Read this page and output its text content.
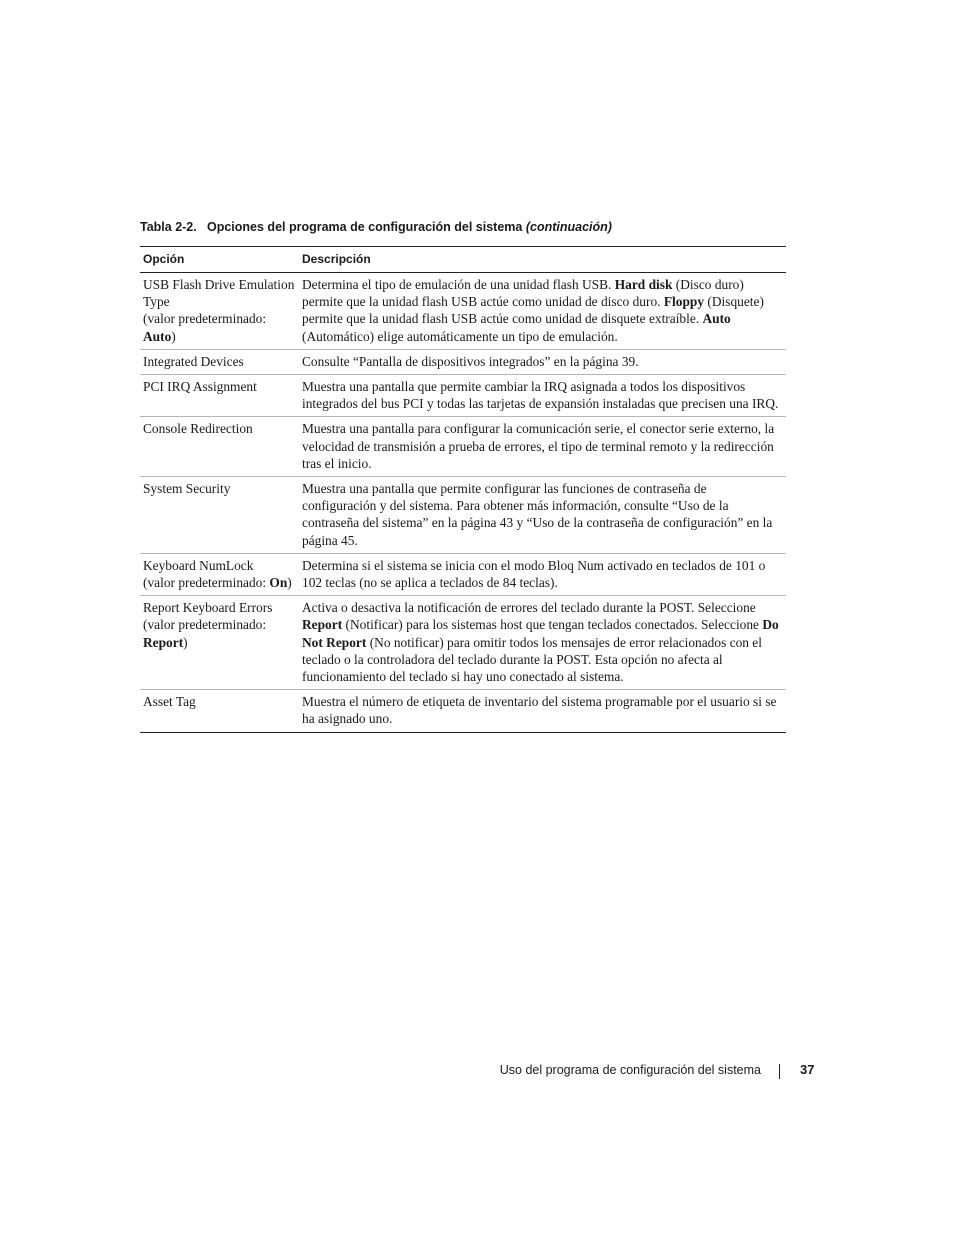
Tabla 2-2. Opciones del programa de configuración del sistema (continuación)
Opción	Descripción

USB Flash Drive Emulation Type
(valor predeterminado: Auto)	Determina el tipo de emulación de una unidad flash USB. Hard disk (Disco duro) permite que la unidad flash USB actúe como unidad de disco duro. Floppy (Disquete) permite que la unidad flash USB actúe como unidad de disquete extraíble. Auto (Automático) elige automáticamente un tipo de emulación.

Integrated Devices	Consulte “Pantalla de dispositivos integrados” en la página 39.

PCI IRQ Assignment	Muestra una pantalla que permite cambiar la IRQ asignada a todos los dispositivos integrados del bus PCI y todas las tarjetas de expansión instaladas que precisen una IRQ.

Console Redirection	Muestra una pantalla para configurar la comunicación serie, el conector serie externo, la velocidad de transmisión a prueba de errores, el tipo de terminal remoto y la redirección tras el inicio.

System Security	Muestra una pantalla que permite configurar las funciones de contraseña de configuración y del sistema. Para obtener más información, consulte “Uso de la contraseña del sistema” en la página 43 y “Uso de la contraseña de configuración” en la página 45.

Keyboard NumLock
(valor predeterminado: On)	Determina si el sistema se inicia con el modo Bloq Num activado en teclados de 101 o 102 teclas (no se aplica a teclados de 84 teclas).

Report Keyboard Errors
(valor predeterminado: Report)	Activa o desactiva la notificación de errores del teclado durante la POST. Seleccione Report (Notificar) para los sistemas host que tengan teclados conectados. Seleccione Do Not Report (No notificar) para omitir todos los mensajes de error relacionados con el teclado o la controladora del teclado durante la POST. Esta opción no afecta al funcionamiento del teclado si hay uno conectado al sistema.

Asset Tag	Muestra el número de etiqueta de inventario del sistema programable por el usuario si se ha asignado uno.
Uso del programa de configuración del sistema	37
